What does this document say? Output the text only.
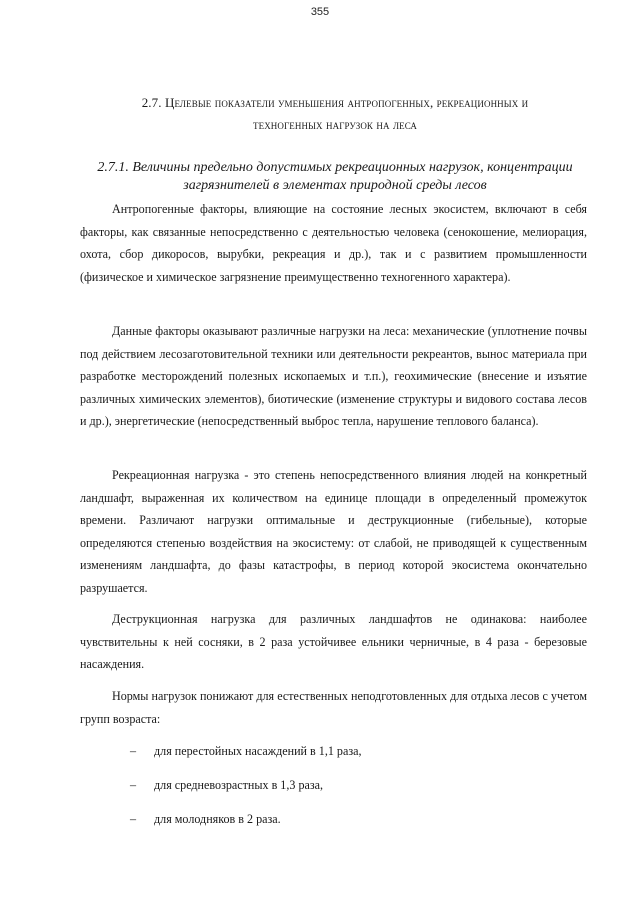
355
2.7. Целевые показатели уменьшения антропогенных, рекреационных и
техногенных нагрузок на леса
2.7.1. Величины предельно допустимых рекреационных нагрузок, концентрации
загрязнителей в элементах природной среды лесов

Антропогенные факторы, влияющие на состояние лесных экосистем, включают в себя факторы, как связанные непосредственно с деятельностью человека (сенокошение, мелиорация, охота, сбор дикоросов, вырубки, рекреация и др.), так и с развитием промышленности (физическое и химическое загрязнение преимущественно техногенного характера).

Данные факторы оказывают различные нагрузки на леса: механические (уплотнение почвы под действием лесозаготовительной техники или деятельности рекреантов, вынос материала при разработке месторождений полезных ископаемых и т.п.), геохимические (внесение и изъятие различных химических элементов), биотические (изменение структуры и видового состава лесов и др.), энергетические (непосредственный выброс тепла, нарушение теплового баланса).

Рекреационная нагрузка - это степень непосредственного влияния людей на конкретный ландшафт, выраженная их количеством на единице площади в определенный промежуток времени. Различают нагрузки оптимальные и деструкционные (гибельные), которые определяются степенью воздействия на экосистему: от слабой, не приводящей к существенным изменениям ландшафта, до фазы катастрофы, в период которой экосистема окончательно разрушается.

Деструкционная нагрузка для различных ландшафтов не одинакова: наиболее чувствительны к ней сосняки, в 2 раза устойчивее ельники черничные, в 4 раза - березовые насаждения.

Нормы нагрузок понижают для естественных неподготовленных для отдыха лесов с учетом групп возраста:

–	для перестойных насаждений в 1,1 раза,
–	для средневозрастных в 1,3 раза,
–	для молодняков в 2 раза.
